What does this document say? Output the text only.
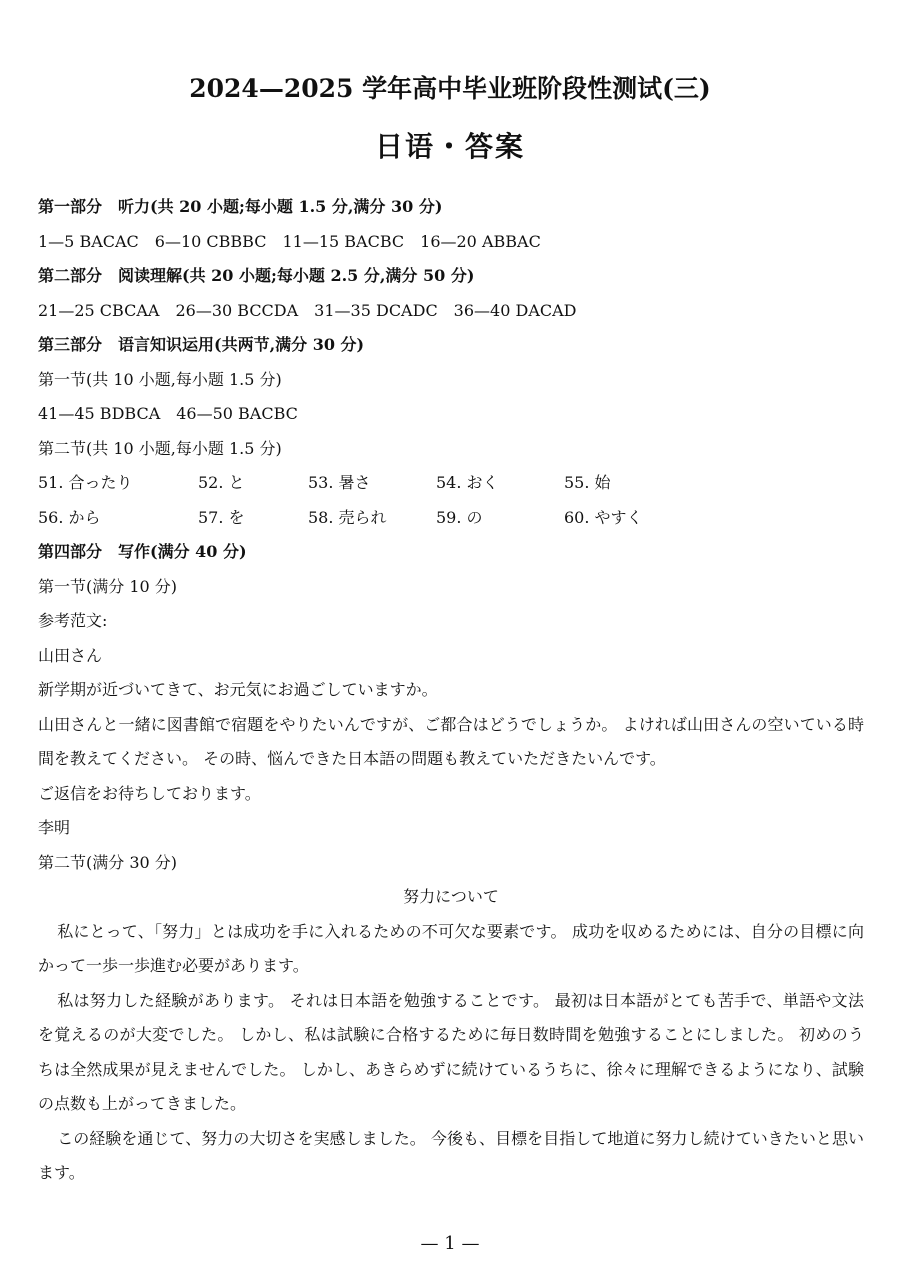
2024—2025 学年高中毕业班阶段性测试(三)
日语・答案
第一部分　听力(共 20 小题;每小题 1.5 分,满分 30 分)
1—5 BACAC　6—10 CBBBC　11—15 BACBC　16—20 ABBAC
第二部分　阅读理解(共 20 小题;每小题 2.5 分,满分 50 分)
21—25 CBCAA　26—30 BCCDA　31—35 DCADC　36—40 DACAD
第三部分　语言知识运用(共两节,满分 30 分)
第一节(共 10 小题,每小题 1.5 分)
41—45 BDBCA　46—50 BACBC
第二节(共 10 小题,每小题 1.5 分)
51. 合ったり	52. と	53. 暑さ	54. おく	55. 始
56. から	57. を	58. 売られ	59. の	60. やすく
第四部分　写作(满分 40 分)
第一节(满分 10 分)
参考范文:
山田さん
新学期が近づいてきて、お元気にお過ごしていますか。

山田さんと一緒に図書館で宿題をやりたいんですが、ご都合はどうでしょうか。 よければ山田さんの空いている時間を教えてください。 その時、悩んできた日本語の問題も教えていただきたいんです。

ご返信をお待ちしております。
李明
第二节(满分 30 分)
努力について

私にとって、「努力」とは成功を手に入れるための不可欠な要素です。 成功を収めるためには、自分の目標に向かって一歩一歩進む必要があります。

私は努力した経験があります。 それは日本語を勉強することです。 最初は日本語がとても苦手で、単語や文法を覚えるのが大変でした。 しかし、私は試験に合格するために毎日数時間を勉強することにしました。 初めのうちは全然成果が見えませんでした。 しかし、あきらめずに続けているうちに、徐々に理解できるようになり、試験の点数も上がってきました。

この経験を通じて、努力の大切さを実感しました。 今後も、目標を目指して地道に努力し続けていきたいと思います。

— 1 —
